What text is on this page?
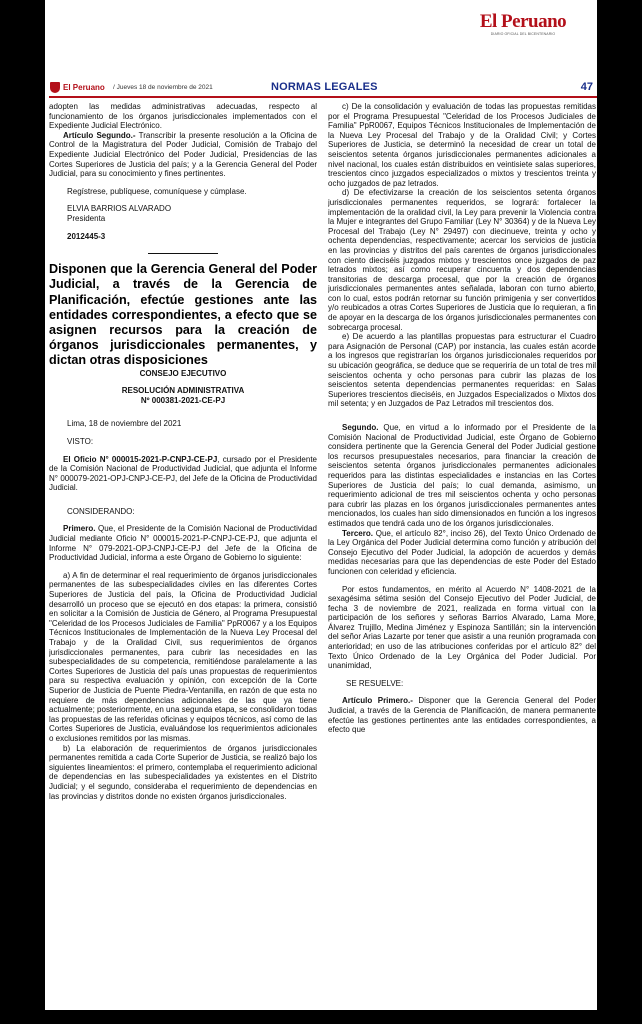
El Peruano
DIARIO OFICIAL DEL BICENTENARIO
El Peruano / Jueves 18 de noviembre de 2021	NORMAS LEGALES	47

adopten las medidas administrativas adecuadas, respecto al funcionamiento de los órganos jurisdiccionales implementados con el Expediente Judicial Electrónico.

Artículo Segundo.- Transcribir la presente resolución a la Oficina de Control de la Magistratura del Poder Judicial, Comisión de Trabajo del Expediente Judicial Electrónico del Poder Judicial, Presidencias de las Cortes Superiores de Justicia del país; y a la Gerencia General del Poder Judicial, para su conocimiento y fines pertinentes.

Regístrese, publíquese, comuníquese y cúmplase.

ELVIA BARRIOS ALVARADO

Presidenta

2012445-3

Disponen que la Gerencia General del Poder Judicial, a través de la Gerencia de Planificación, efectúe gestiones ante las entidades correspondientes, a efecto que se asignen recursos para la creación de órganos jurisdiccionales permanentes, y dictan otras disposiciones

CONSEJO EJECUTIVO

RESOLUCIÓN ADMINISTRATIVA

Nº 000381-2021-CE-PJ

Lima, 18 de noviembre del 2021

VISTO:

El Oficio N° 000015-2021-P-CNPJ-CE-PJ, cursado por el Presidente de la Comisión Nacional de Productividad Judicial, que adjunta el Informe N° 000079-2021-OPJ-CNPJ-CE-PJ, del Jefe de la Oficina de Productividad Judicial.

CONSIDERANDO:

Primero. Que, el Presidente de la Comisión Nacional de Productividad Judicial mediante Oficio N° 000015-2021-P-CNPJ-CE-PJ, que adjunta el Informe N° 079-2021-OPJ-CNPJ-CE-PJ del Jefe de la Oficina de Productividad Judicial, informa a este Órgano de Gobierno lo siguiente:

a) A fin de determinar el real requerimiento de órganos jurisdiccionales permanentes de las subespecialidades civiles en las diferentes Cortes Superiores de Justicia del país, la Oficina de Productividad Judicial desarrolló un proceso que se ejecutó en dos etapas: la primera, consistió en solicitar a la Comisión de Justicia de Género, al Programa Presupuestal "Celeridad de los Procesos Judiciales de Familia" PpR0067 y a los Equipos Técnicos Institucionales de Implementación de la Nueva Ley Procesal del Trabajo y de la Oralidad Civil, sus requerimientos de órganos jurisdiccionales permanentes, para cubrir las necesidades en las subespecialidades de su competencia, remitiéndose paralelamente a las Cortes Superiores de Justicia del país unas propuestas de requerimientos para su respectiva evaluación y opinión, con excepción de la Corte Superior de Justicia de Puente Piedra-Ventanilla, en razón de que esta no requiere de más dependencias adicionales de las que ya tiene actualmente; posteriormente, en una segunda etapa, se consolidaron todas las propuestas de las referidas oficinas y equipos técnicos, así como de las Cortes Superiores de Justicia, evaluándose los requerimientos adicionales o exclusiones remitidos por las mismas.

b) La elaboración de requerimientos de órganos jurisdiccionales permanentes remitida a cada Corte Superior de Justicia, se realizó bajo los siguientes lineamientos: el primero, contemplaba el requerimiento adicional de dependencias en las subespecialidades ya existentes en el Distrito Judicial; y el segundo, consideraba el requerimiento de dependencias en las provincias y distritos donde no existen órganos jurisdiccionales.

c) De la consolidación y evaluación de todas las propuestas remitidas por el Programa Presupuestal "Celeridad de los Procesos Judiciales de Familia" PpR0067, Equipos Técnicos Institucionales de Implementación de la Nueva Ley Procesal del Trabajo y de la Oralidad Civil; y Cortes Superiores de Justicia, se determinó la necesidad de crear un total de seiscientos setenta órganos jurisdiccionales permanentes adicionales a nivel nacional, los cuales están distribuidos en veintisiete salas superiores, trescientos cinco juzgados especializados o mixtos y trescientos treinta y ocho juzgados de paz letrados.

d) De efectivizarse la creación de los seiscientos setenta órganos jurisdiccionales permanentes requeridos, se logrará: fortalecer la implementación de la oralidad civil, la Ley para prevenir la Violencia contra la Mujer e integrantes del Grupo Familiar (Ley N° 30364) y de la Nueva Ley Procesal del Trabajo (Ley N° 29497) con diecinueve, treinta y ocho y ochenta dependencias, respectivamente; acercar los servicios de justicia en las provincias y distritos del país carentes de órganos jurisdiccionales con ciento dieciséis juzgados mixtos y trescientos once juzgados de paz letrados mixtos; así como recuperar cincuenta y dos dependencias transitorias de descarga procesal, que por la creación de órganos jurisdiccionales permanentes antes señalada, laboran con turno abierto, con lo cual, estos podrán retornar su función primigenia y ser convertidos y/o reubicados a otras Cortes Superiores de Justicia que lo requieran, a fin de apoyar en la descarga de los órganos jurisdiccionales permanentes con sobrecarga procesal.

e) De acuerdo a las plantillas propuestas para estructurar el Cuadro para Asignación de Personal (CAP) por instancia, las cuales están acorde a los ingresos que registrarían los órganos jurisdiccionales requeridos por su ubicación geográfica, se deduce que se requeriría de un total de tres mil seiscientos ochenta y ocho personas para cubrir las plazas de los seiscientos setenta dependencias permanentes requeridas: en Salas Superiores trescientos dieciséis, en Juzgados Especializados o Mixtos dos mil setenta; y en Juzgados de Paz Letrados mil trescientos dos.

Segundo. Que, en virtud a lo informado por el Presidente de la Comisión Nacional de Productividad Judicial, este Órgano de Gobierno considera pertinente que la Gerencia General del Poder Judicial gestione los recursos presupuestales necesarios, para financiar la creación de seiscientos setenta órganos jurisdiccionales permanentes adicionales requeridos para las distintas especialidades e instancias en las Cortes Superiores de Justicia del país; lo cual demanda, asimismo, un requerimiento adicional de tres mil seiscientos ochenta y ocho personas para cubrir las plazas en los órganos jurisdiccionales permanentes antes mencionados, los cuales han sido dimensionados en función a los ingresos estimados que tendrá cada uno de los órganos jurisdiccionales.

Tercero. Que, el artículo 82°, inciso 26), del Texto Único Ordenado de la Ley Orgánica del Poder Judicial determina como función y atribución del Consejo Ejecutivo del Poder Judicial, la adopción de acuerdos y demás medidas necesarias para que las dependencias de este Poder del Estado funcionen con celeridad y eficiencia.

Por estos fundamentos, en mérito al Acuerdo N° 1408-2021 de la sexagésima sétima sesión del Consejo Ejecutivo del Poder Judicial, de fecha 3 de noviembre de 2021, realizada en forma virtual con la participación de los señores y señoras Barrios Alvarado, Lama More, Álvarez Trujillo, Medina Jiménez y Espinoza Santillán; sin la intervención del señor Arias Lazarte por tener que asistir a una reunión programada con anterioridad; en uso de las atribuciones conferidas por el artículo 82° del Texto Único Ordenado de la Ley Orgánica del Poder Judicial. Por unanimidad,

SE RESUELVE:

Artículo Primero.- Disponer que la Gerencia General del Poder Judicial, a través de la Gerencia de Planificación, de manera permanente efectúe las gestiones pertinentes ante las entidades correspondientes, a efecto que
